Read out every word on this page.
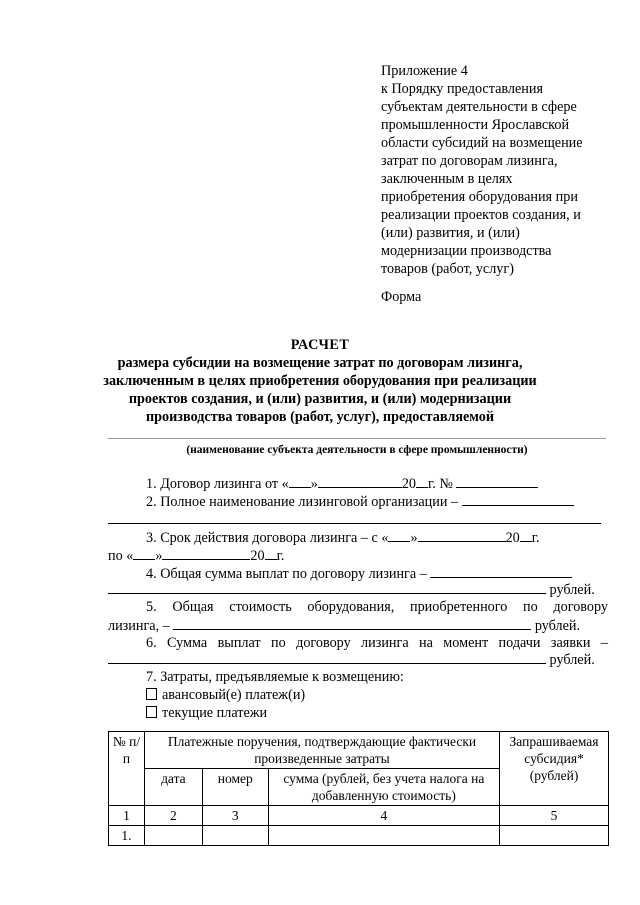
Приложение 4
к Порядку предоставления
субъектам деятельности в сфере
промышленности Ярославской
области субсидий на возмещение
затрат по договорам лизинга,
заключенным в целях
приобретения оборудования при
реализации проектов создания, и
(или) развития, и (или)
модернизации производства
товаров (работ, услуг)
Форма
РАСЧЕТ
размера субсидии на возмещение затрат по договорам лизинга,
заключенным в целях приобретения оборудования при реализации
проектов создания, и (или) развития, и (или) модернизации
производства товаров (работ, услуг), предоставляемой
(наименование субъекта деятельности в сфере промышленности)
1. Договор лизинга от « »	20 г. №
2. Полное наименование лизинговой организации –
3. Срок действия договора лизинга – с « »	20 г.
по « »	20 г.
4. Общая сумма выплат по договору лизинга –
рублей.
5. Общая стоимость оборудования, приобретенного по договору
лизинга, –	рублей.
6. Сумма выплат по договору лизинга на момент подачи заявки –
рублей.
7. Затраты, предъявляемые к возмещению:
авансовый(е) платеж(и)
текущие платежи
№ п/п	Платежные поручения, подтверждающие фактически произведенные затраты			Запрашиваемая субсидия* (рублей)
	дата	номер	сумма (рублей, без учета налога на добавленную стоимость)	
1	2	3	4	5
1.				
